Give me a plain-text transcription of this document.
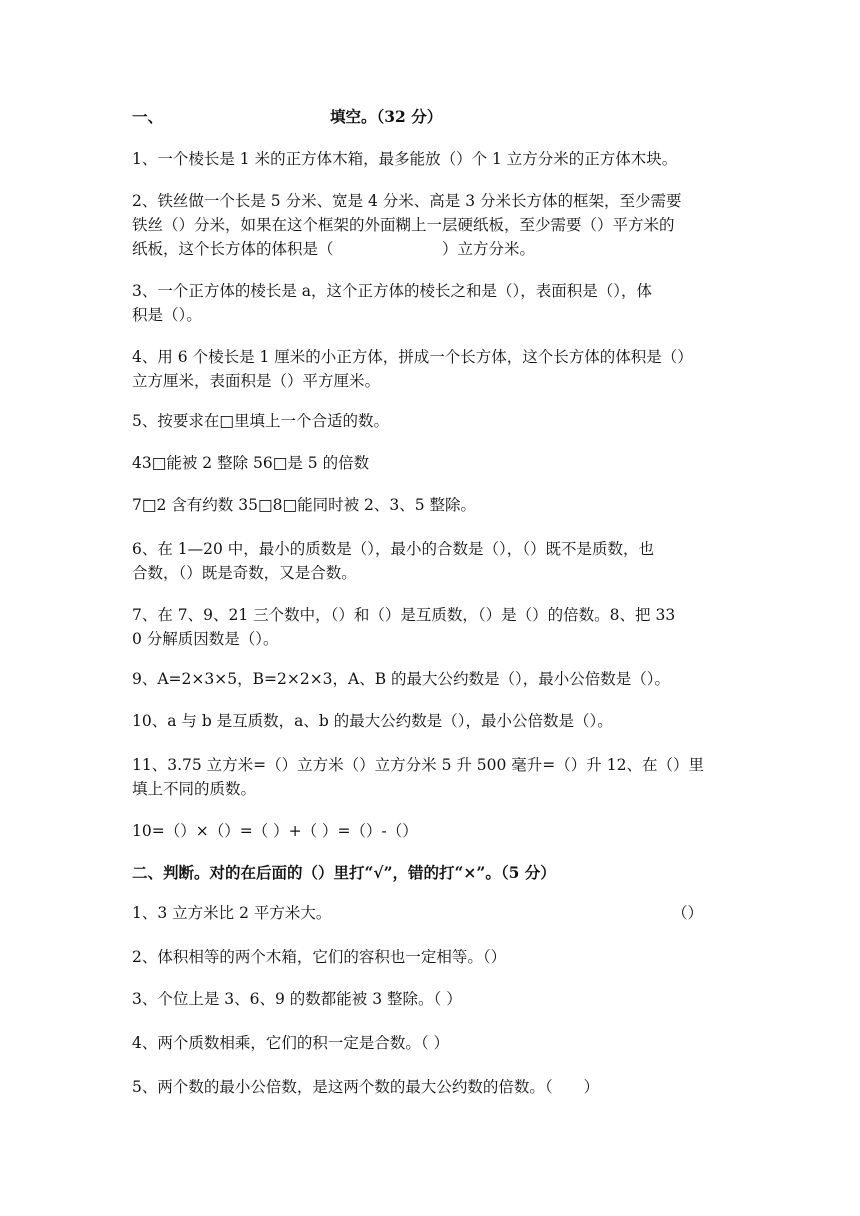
一、	填空。（32 分）
1、一个棱长是 1 米的正方体木箱，最多能放（）个 1 立方分米的正方体木块。
2、铁丝做一个长是 5 分米、宽是 4 分米、高是 3 分米长方体的框架，至少需要
铁丝（）分米，如果在这个框架的外面糊上一层硬纸板，至少需要（）平方米的
纸板，这个长方体的体积是（　　　　　　　）立方分米。
3、一个正方体的棱长是 a，这个正方体的棱长之和是（），表面积是（），体
积是（）。
4、用 6 个棱长是 1 厘米的小正方体，拼成一个长方体，这个长方体的体积是（）
立方厘米，表面积是（）平方厘米。
5、按要求在□里填上一个合适的数。
43□能被 2 整除 56□是 5 的倍数
7□2 含有约数 35□8□能同时被 2、3、5 整除。
6、在 1—20 中，最小的质数是（），最小的合数是（），（）既不是质数，也
合数，（）既是奇数，又是合数。
7、在 7、9、21 三个数中，（）和（）是互质数，（）是（）的倍数。8、把 33
0 分解质因数是（）。
9、A=2×3×5，B=2×2×3，A、B 的最大公约数是（），最小公倍数是（）。
10、a 与 b 是互质数，a、b 的最大公约数是（），最小公倍数是（）。
11、3.75 立方米=（）立方米（）立方分米 5 升 500 毫升=（）升 12、在（）里
填上不同的质数。
10=（）×（）=（ ）+（ ）=（）-（）
二、判断。对的在后面的（）里打“√”，错的打“×”。（5 分）
1、3 立方米比 2 平方米大。	（）
2、体积相等的两个木箱，它们的容积也一定相等。（）
3、个位上是 3、6、9 的数都能被 3 整除。（ ）
4、两个质数相乘，它们的积一定是合数。（ ）
5、两个数的最小公倍数，是这两个数的最大公约数的倍数。（　　）
